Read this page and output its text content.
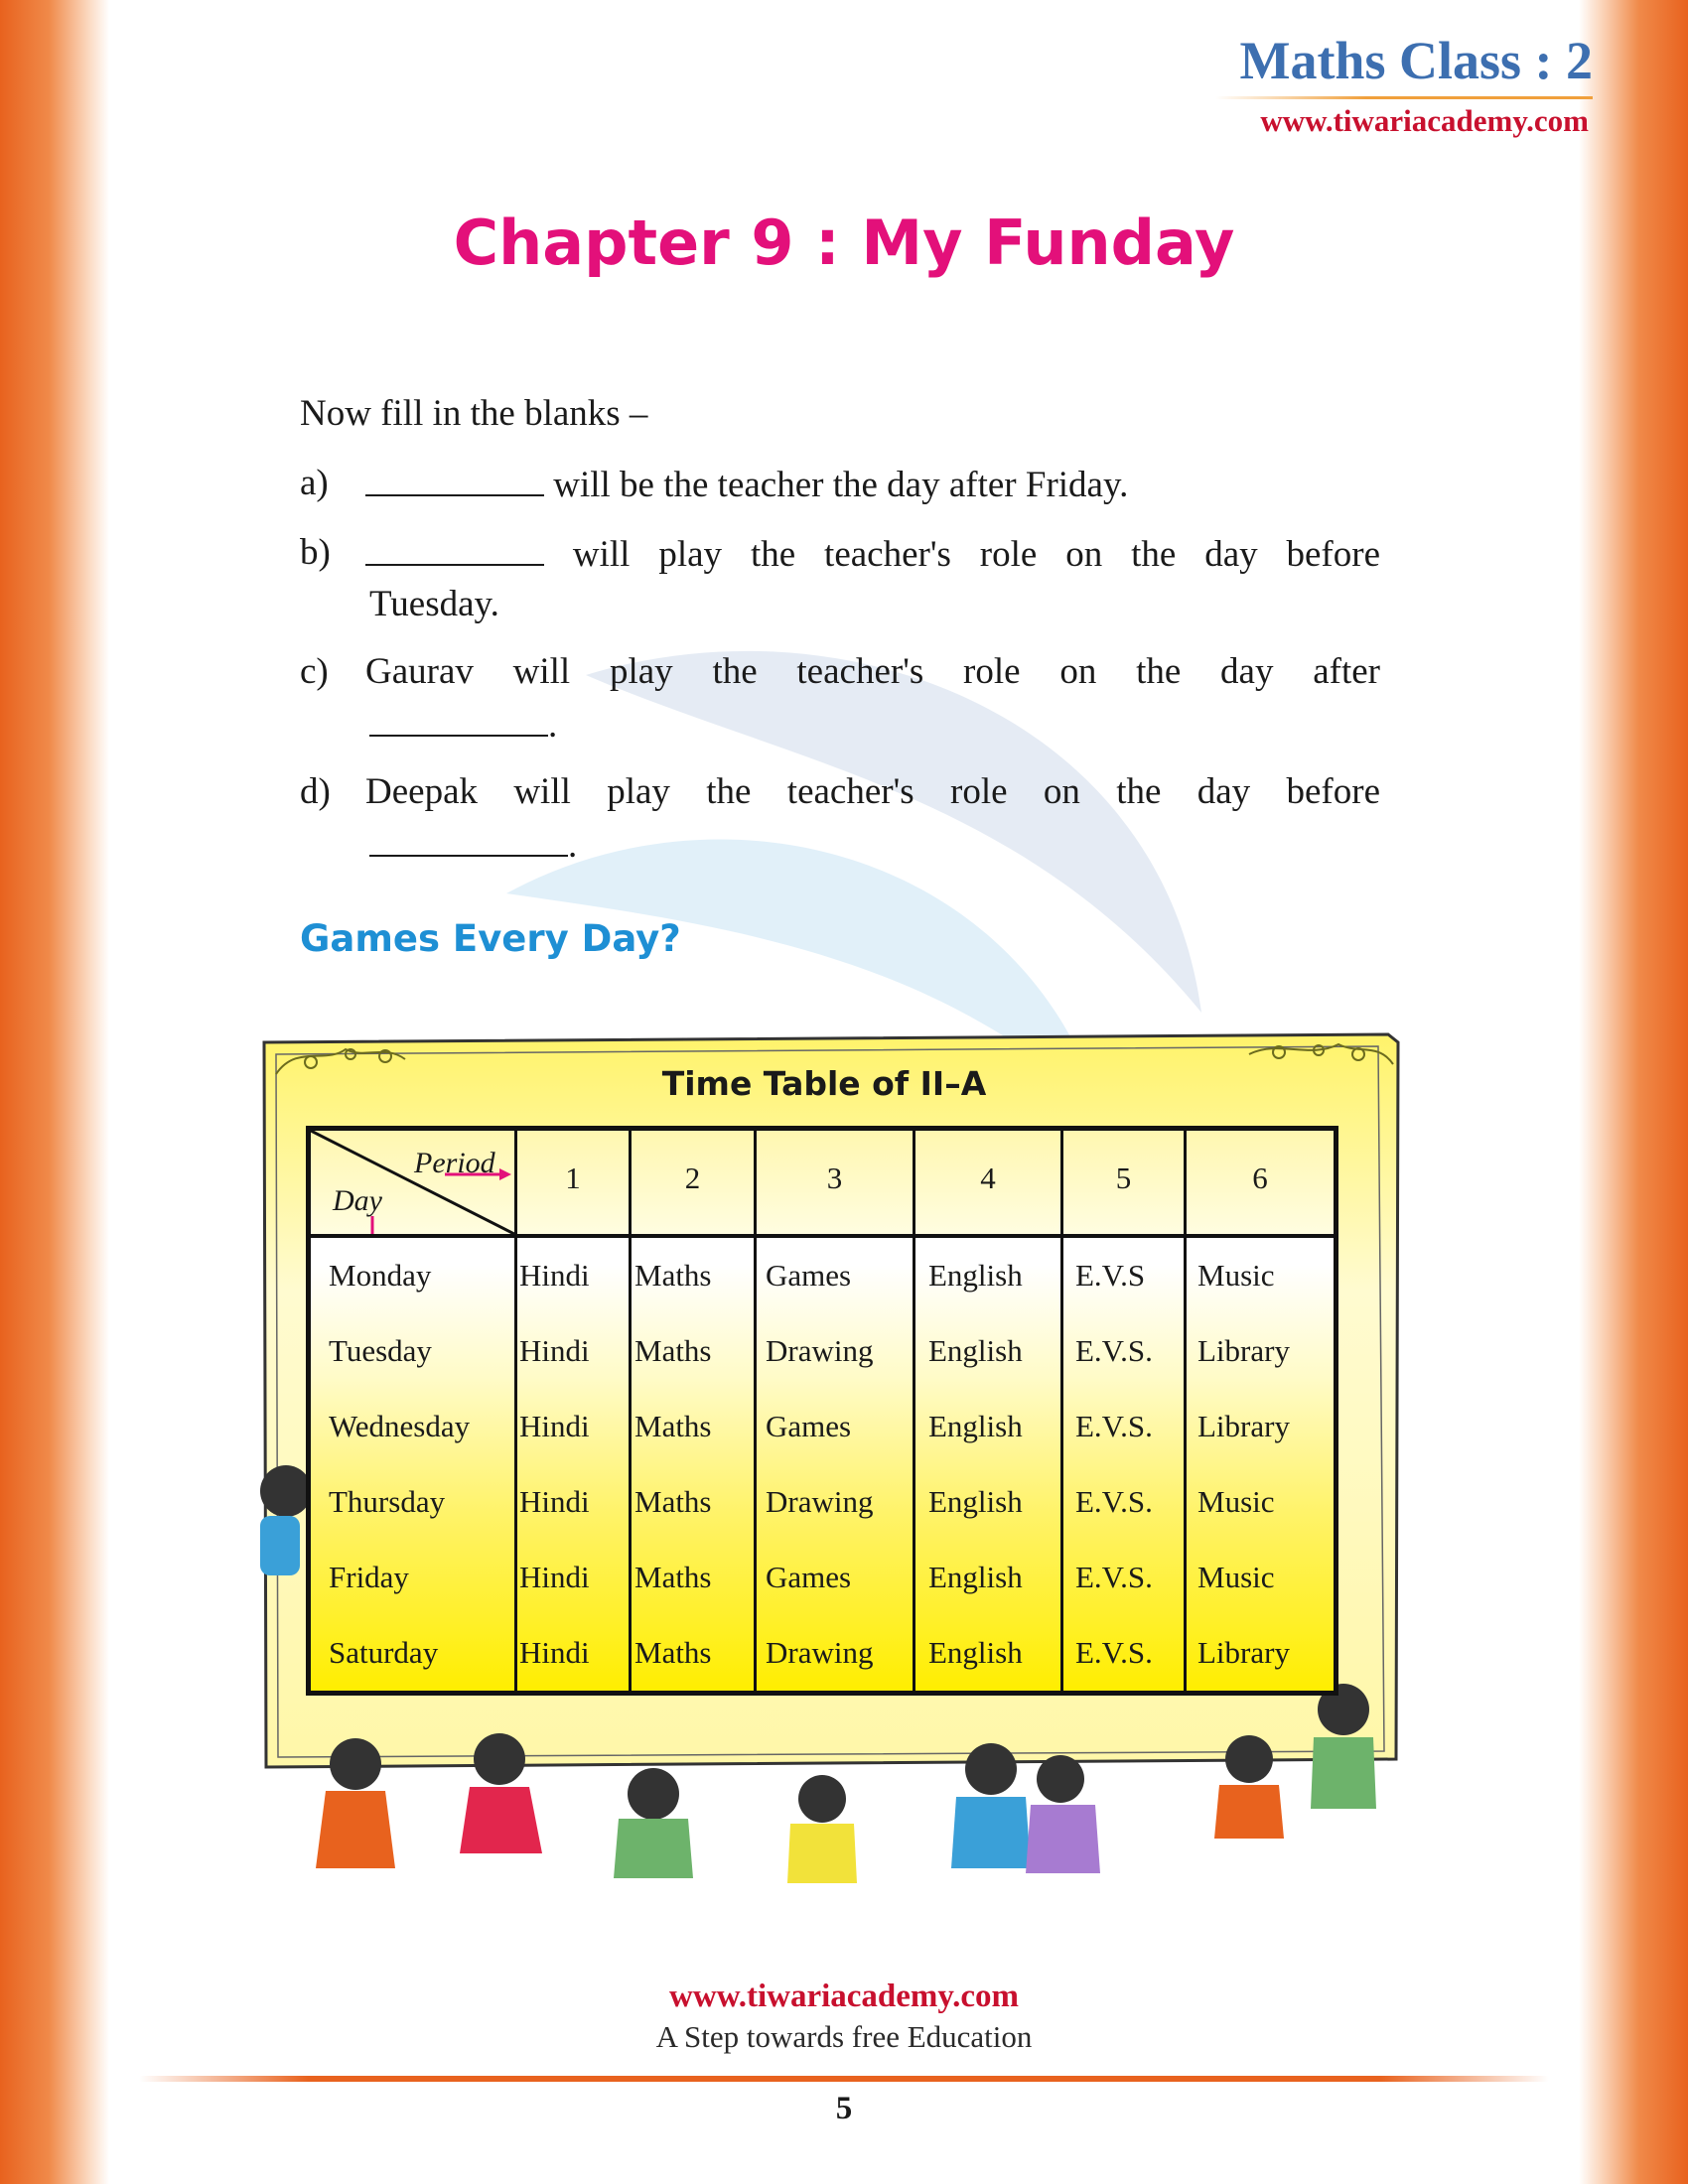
Maths Class : 2
www.tiwariacademy.com
Chapter 9 : My Funday
Now fill in the blanks –
a)	will be the teacher the day after Friday.
b)	will play the teacher's role on the day before
Tuesday.
c) Gaurav will play the teacher's role on the day after
.
d) Deepak will play the teacher's role on the day before
.
Games Every Day?
Time Table of II–A
Period
Day
1	2	3	4	5	6
Monday	Hindi Maths Games	English E.V.S Music
Tuesday	Hindi Maths Drawing English E.V.S. Library
Wednesday Hindi Maths Games	English E.V.S. Library
Thursday Hindi Maths Drawing English E.V.S. Music
Friday	Hindi Maths Games	English E.V.S. Music
Saturday	Hindi Maths Drawing English E.V.S. Library
www.tiwariacademy.com
A Step towards free Education
5
